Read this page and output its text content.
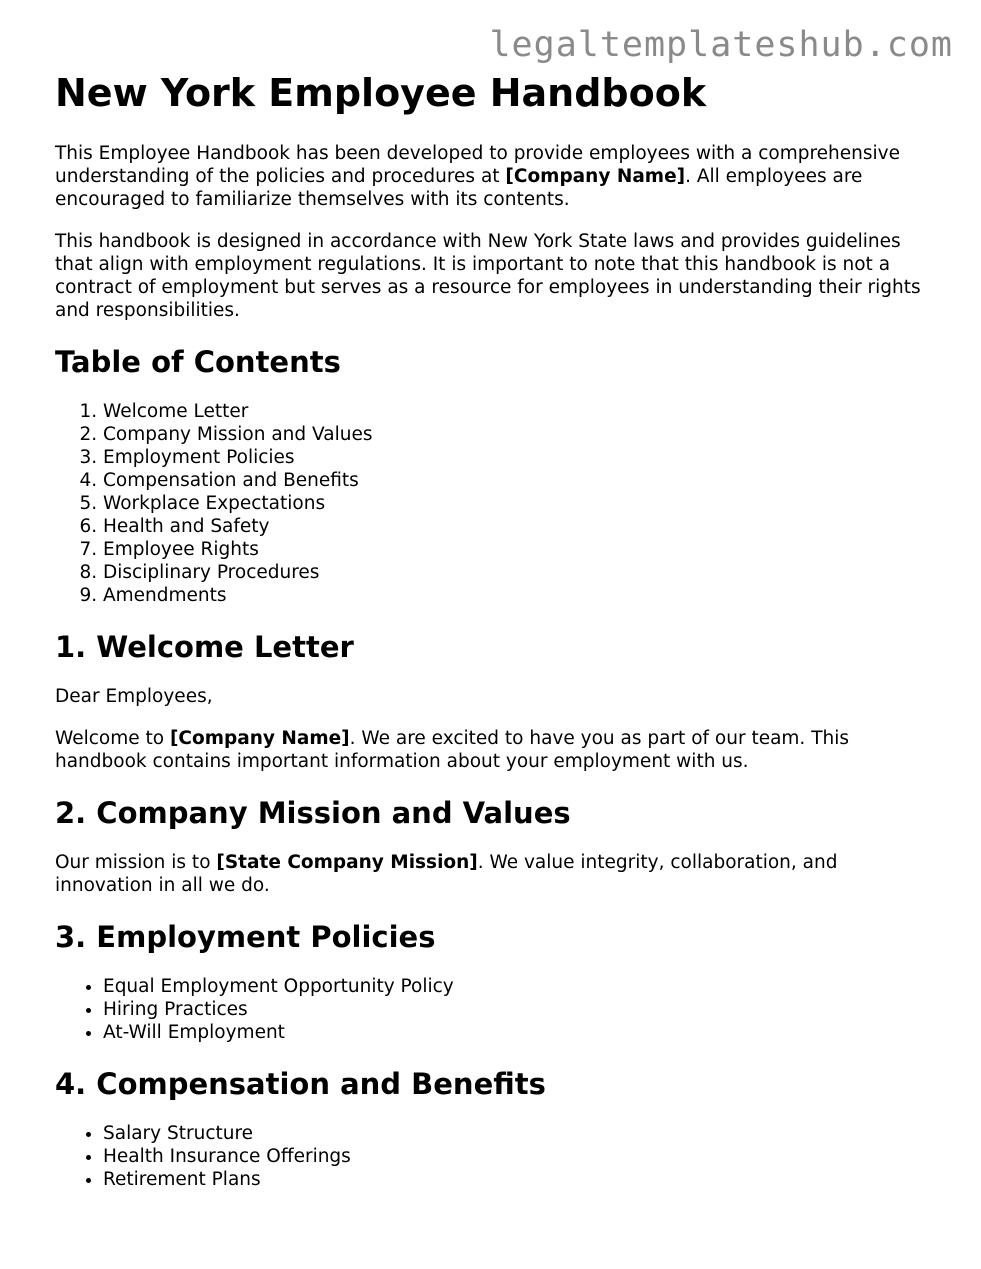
legaltemplateshub.com
New York Employee Handbook

This Employee Handbook has been developed to provide employees with a comprehensive understanding of the policies and procedures at [Company Name]. All employees are encouraged to familiarize themselves with its contents.

This handbook is designed in accordance with New York State laws and provides guidelines that align with employment regulations. It is important to note that this handbook is not a contract of employment but serves as a resource for employees in understanding their rights and responsibilities.

Table of Contents
1. Welcome Letter
2. Company Mission and Values
3. Employment Policies
4. Compensation and Benefits
5. Workplace Expectations
6. Health and Safety
7. Employee Rights
8. Disciplinary Procedures
9. Amendments
1. Welcome Letter

Dear Employees,

Welcome to [Company Name]. We are excited to have you as part of our team. This handbook contains important information about your employment with us.

2. Company Mission and Values

Our mission is to [State Company Mission]. We value integrity, collaboration, and innovation in all we do.

3. Employment Policies
• Equal Employment Opportunity Policy
• Hiring Practices
• At-Will Employment
4. Compensation and Benefits
• Salary Structure
• Health Insurance Offerings
• Retirement Plans
